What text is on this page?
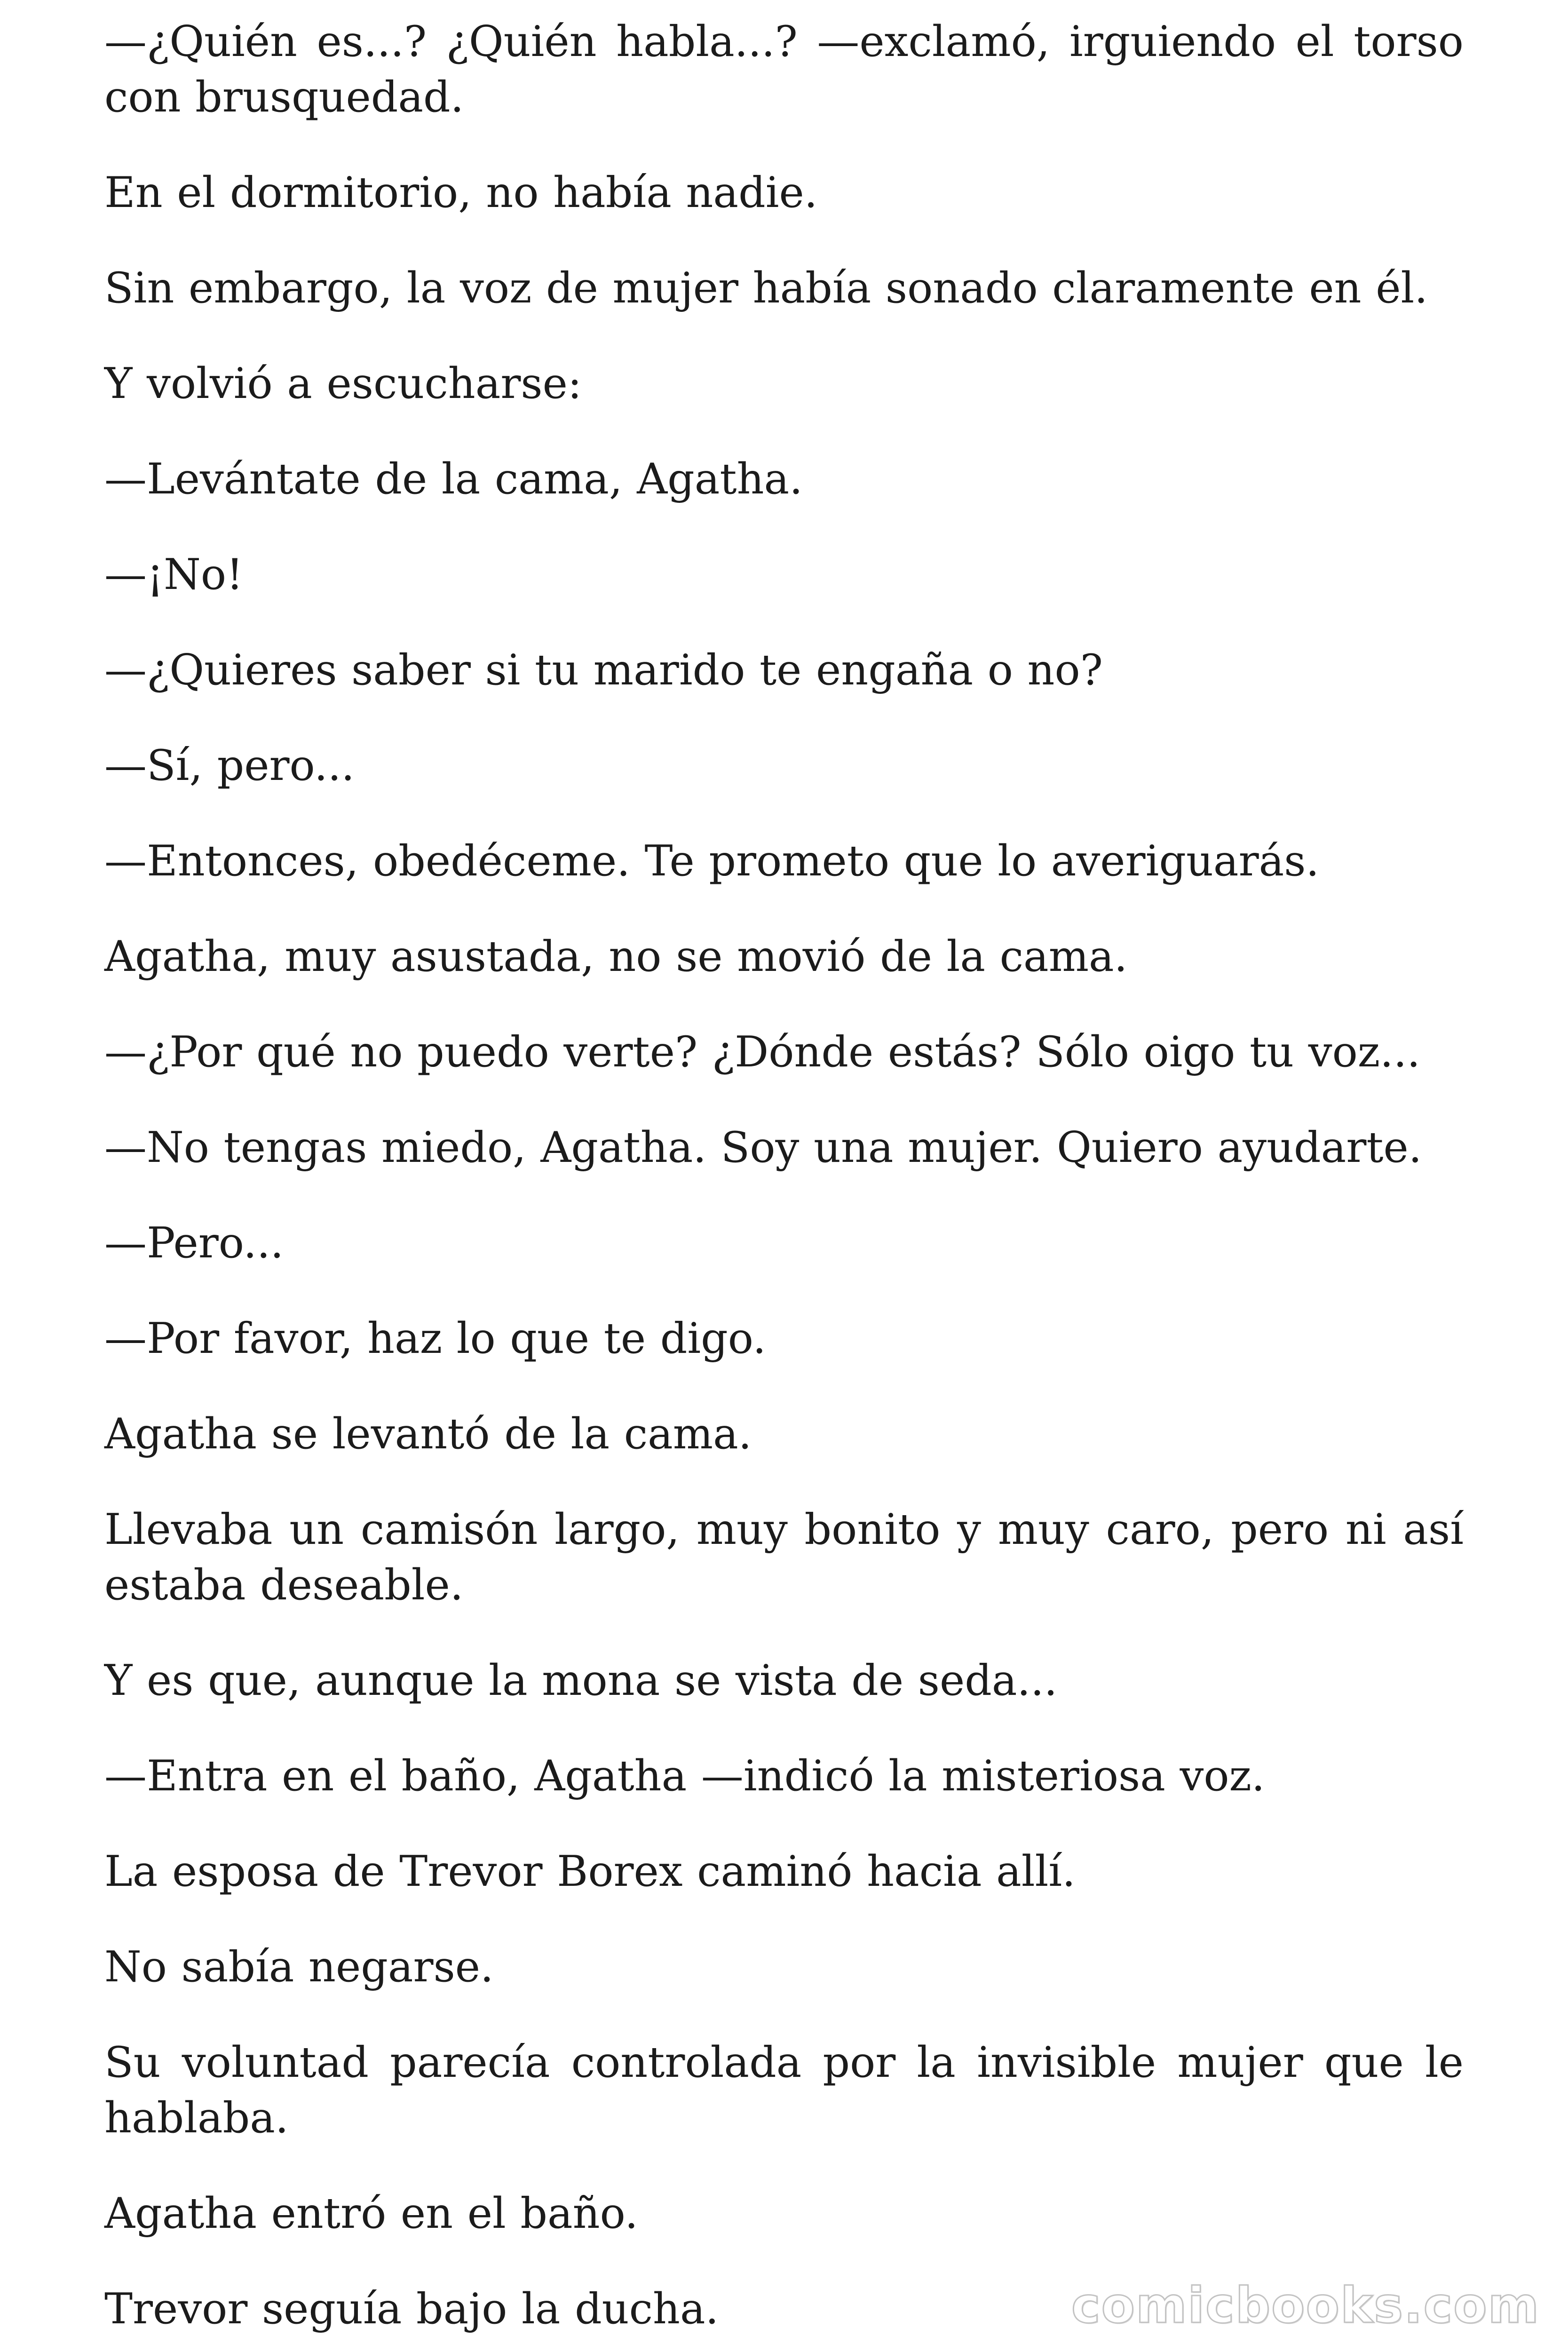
—¿Quién es...? ¿Quién habla...? —exclamó, irguiendo el torso con brusquedad.

En el dormitorio, no había nadie.

Sin embargo, la voz de mujer había sonado claramente en él.

Y volvió a escucharse:

—Levántate de la cama, Agatha.

—¡No!

—¿Quieres saber si tu marido te engaña o no?

—Sí, pero...

—Entonces, obedéceme. Te prometo que lo averiguarás.

Agatha, muy asustada, no se movió de la cama.

—¿Por qué no puedo verte? ¿Dónde estás? Sólo oigo tu voz...

—No tengas miedo, Agatha. Soy una mujer. Quiero ayudarte.

—Pero...

—Por favor, haz lo que te digo.

Agatha se levantó de la cama.

Llevaba un camisón largo, muy bonito y muy caro, pero ni así estaba deseable.

Y es que, aunque la mona se vista de seda...

—Entra en el baño, Agatha —indicó la misteriosa voz.

La esposa de Trevor Borex caminó hacia allí.

No sabía negarse.

Su voluntad parecía controlada por la invisible mujer que le hablaba.

Agatha entró en el baño.

Trevor seguía bajo la ducha.	comicbooks.com
